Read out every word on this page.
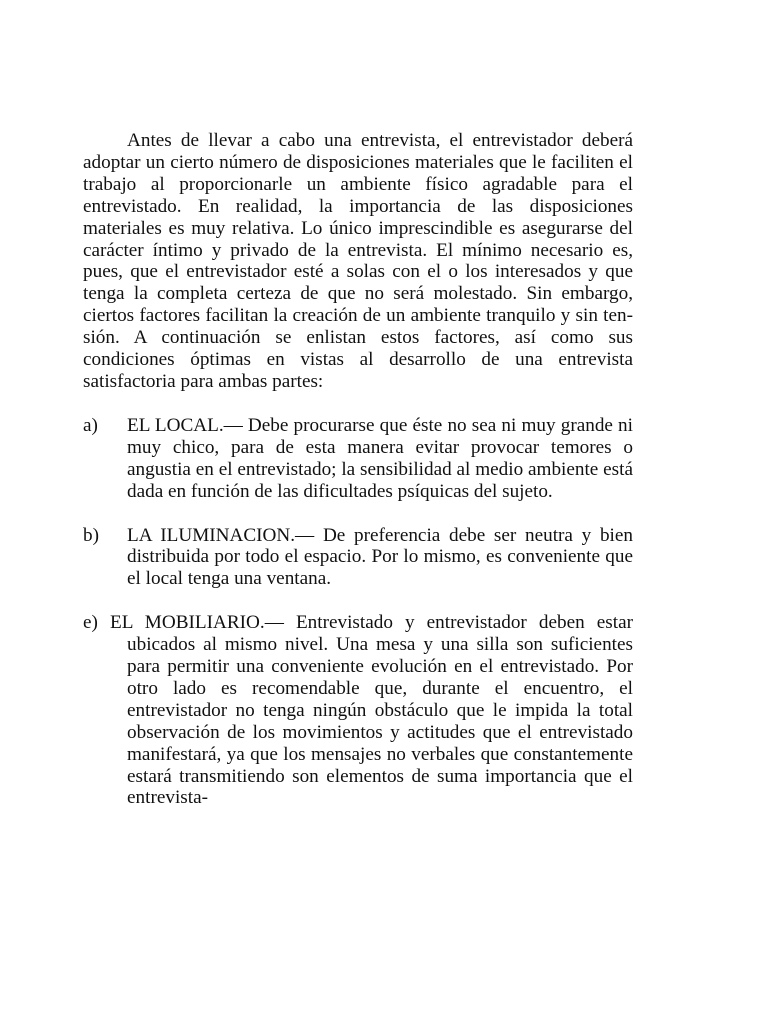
Antes de llevar a cabo una entrevista, el entrevistador deberá adoptar un cierto número de disposiciones materiales que le faciliten el trabajo al proporcionarle un ambiente físico agradable para el entrevistado. En realidad, la importancia de las disposiciones materiales es muy relativa. Lo único imprescindible es asegurarse del carácter íntimo y privado de la entrevista. El mínimo necesario es, pues, que el entrevistador esté a solas con el o los interesados y que tenga la completa certeza de que no será molestado. Sin embargo, ciertos factores facilitan la creación de un ambiente tranquilo y sin tensión. A continuación se enlistan estos factores, así como sus condiciones óptimas en vistas al desarrollo de una entrevista satisfactoria para ambas partes:

a) EL LOCAL.— Debe procurarse que éste no sea ni muy grande ni muy chico, para de esta manera evitar provocar temores o angustia en el entrevistado; la sensibilidad al medio ambiente está dada en función de las dificultades psíquicas del sujeto.

b) LA ILUMINACION.— De preferencia debe ser neutra y bien distribuida por todo el espacio. Por lo mismo, es conveniente que el local tenga una ventana.

e) EL MOBILIARIO.— Entrevistado y entrevistador deben estar ubicados al mismo nivel. Una mesa y una silla son suficientes para permitir una conveniente evolución en el entrevistado. Por otro lado es recomendable que, durante el encuentro, el entrevistador no tenga ningún obstáculo que le impida la total observación de los movimientos y actitudes que el entrevistado manifestará, ya que los mensajes no verbales que constantemente estará transmitiendo son elementos de suma importancia que el entrevista-
